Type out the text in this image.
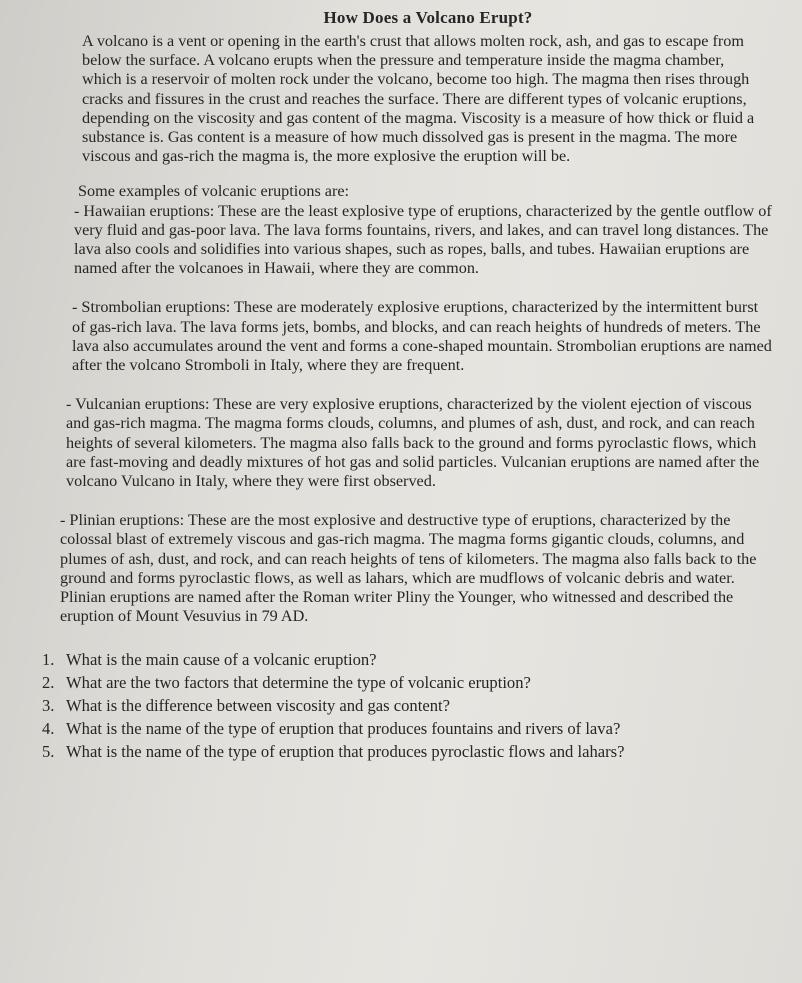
How Does a Volcano Erupt?

A volcano is a vent or opening in the earth's crust that allows molten rock, ash, and gas to escape from below the surface. A volcano erupts when the pressure and temperature inside the magma chamber, which is a reservoir of molten rock under the volcano, become too high. The magma then rises through cracks and fissures in the crust and reaches the surface. There are different types of volcanic eruptions, depending on the viscosity and gas content of the magma. Viscosity is a measure of how thick or fluid a substance is. Gas content is a measure of how much dissolved gas is present in the magma. The more viscous and gas-rich the magma is, the more explosive the eruption will be.

Some examples of volcanic eruptions are:

- Hawaiian eruptions: These are the least explosive type of eruptions, characterized by the gentle outflow of very fluid and gas-poor lava. The lava forms fountains, rivers, and lakes, and can travel long distances. The lava also cools and solidifies into various shapes, such as ropes, balls, and tubes. Hawaiian eruptions are named after the volcanoes in Hawaii, where they are common.

- Strombolian eruptions: These are moderately explosive eruptions, characterized by the intermittent burst of gas-rich lava. The lava forms jets, bombs, and blocks, and can reach heights of hundreds of meters. The lava also accumulates around the vent and forms a cone-shaped mountain. Strombolian eruptions are named after the volcano Stromboli in Italy, where they are frequent.

- Vulcanian eruptions: These are very explosive eruptions, characterized by the violent ejection of viscous and gas-rich magma. The magma forms clouds, columns, and plumes of ash, dust, and rock, and can reach heights of several kilometers. The magma also falls back to the ground and forms pyroclastic flows, which are fast-moving and deadly mixtures of hot gas and solid particles. Vulcanian eruptions are named after the volcano Vulcano in Italy, where they were first observed.

- Plinian eruptions: These are the most explosive and destructive type of eruptions, characterized by the colossal blast of extremely viscous and gas-rich magma. The magma forms gigantic clouds, columns, and plumes of ash, dust, and rock, and can reach heights of tens of kilometers. The magma also falls back to the ground and forms pyroclastic flows, as well as lahars, which are mudflows of volcanic debris and water. Plinian eruptions are named after the Roman writer Pliny the Younger, who witnessed and described the eruption of Mount Vesuvius in 79 AD.

1. What is the main cause of a volcanic eruption?
2. What are the two factors that determine the type of volcanic eruption?
3. What is the difference between viscosity and gas content?
4. What is the name of the type of eruption that produces fountains and rivers of lava?
5. What is the name of the type of eruption that produces pyroclastic flows and lahars?
